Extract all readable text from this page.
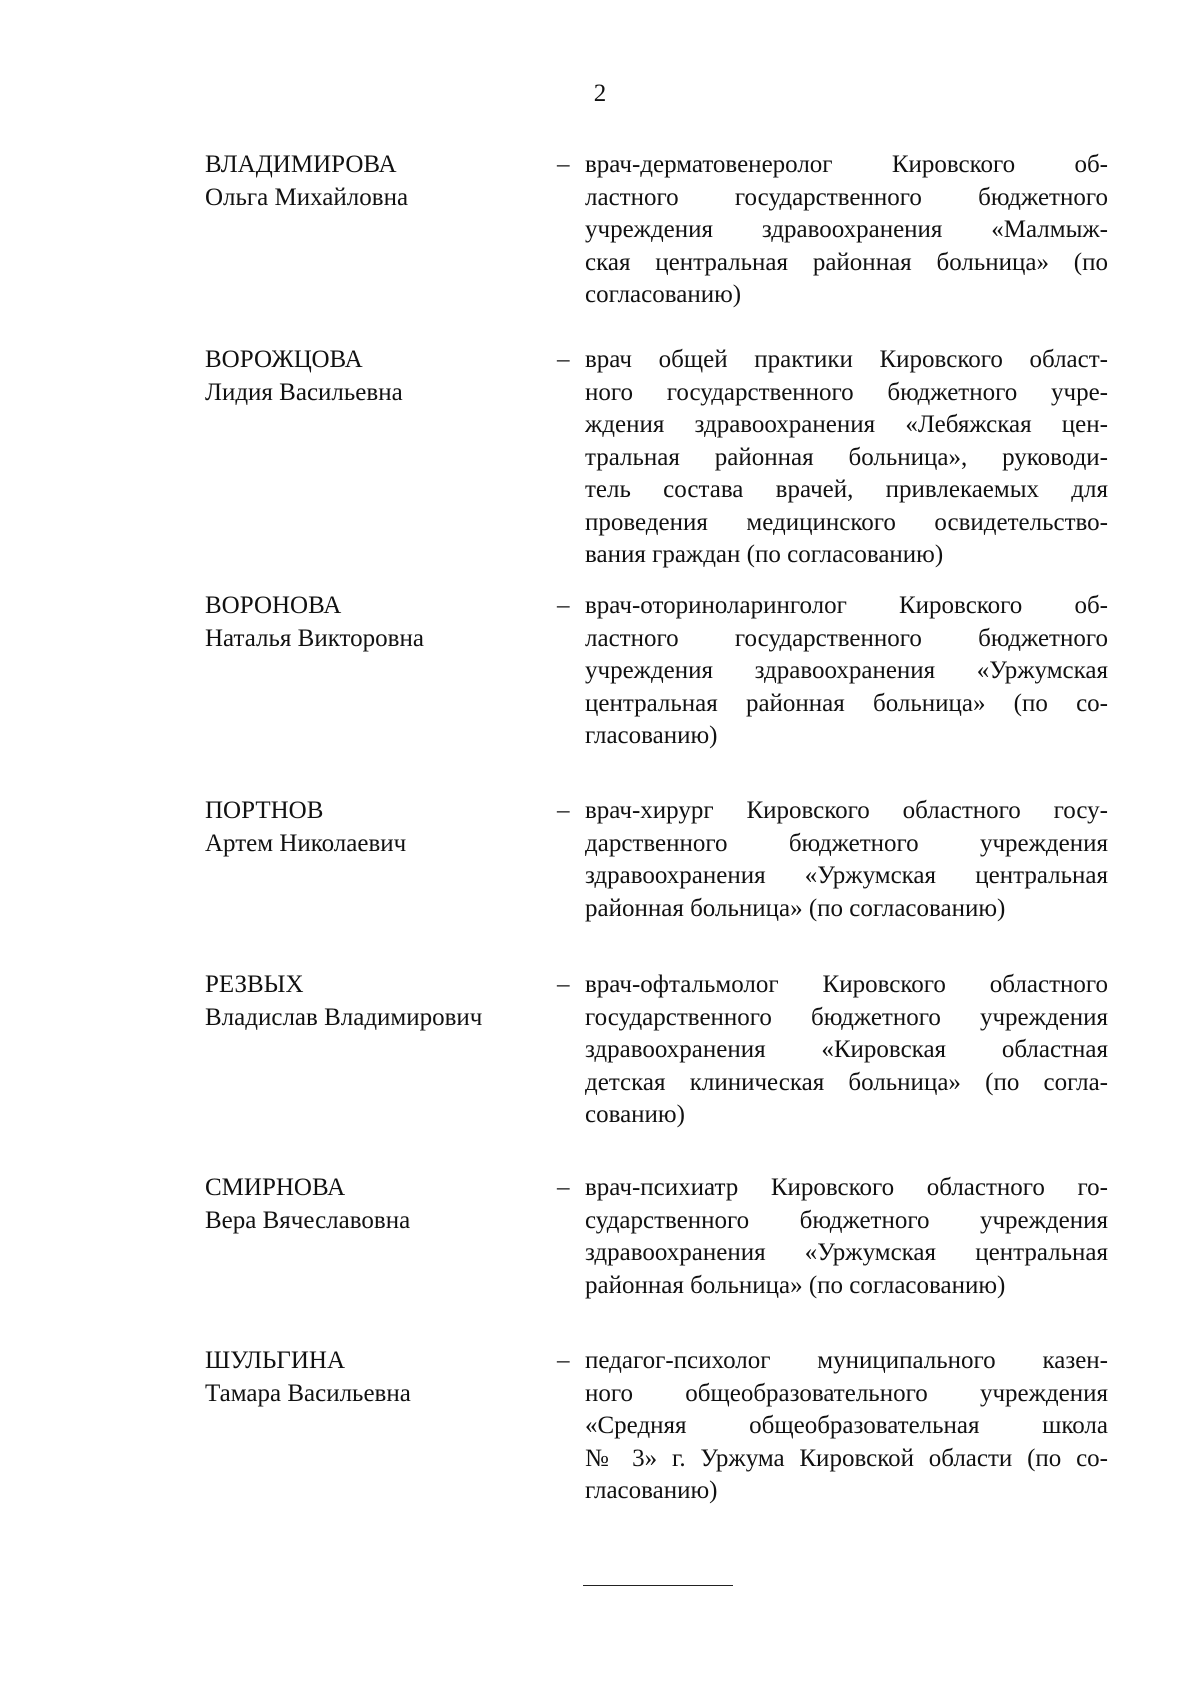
2
ВЛАДИМИРОВА
Ольга Михайловна
– врач-дерматовенеролог Кировского об-
ластного государственного бюджетного
учреждения здравоохранения «Малмыж-
ская центральная районная больница» (по
согласованию)
ВОРОЖЦОВА
Лидия Васильевна
– врач общей практики Кировского област-
ного государственного бюджетного учре-
ждения здравоохранения «Лебяжская цен-
тральная районная больница», руководи-
тель состава врачей, привлекаемых для
проведения медицинского освидетельство-
вания граждан (по согласованию)
ВОРОНОВА
Наталья Викторовна
– врач-оториноларинголог Кировского об-
ластного государственного бюджетного
учреждения здравоохранения «Уржумская
центральная районная больница» (по со-
гласованию)
ПОРТНОВ
Артем Николаевич
– врач-хирург Кировского областного госу-
дарственного бюджетного учреждения
здравоохранения «Уржумская центральная
районная больница» (по согласованию)
РЕЗВЫХ
Владислав Владимирович
– врач-офтальмолог Кировского областного
государственного бюджетного учреждения
здравоохранения «Кировская областная
детская клиническая больница» (по согла-
сованию)
СМИРНОВА
Вера Вячеславовна
– врач-психиатр Кировского областного го-
сударственного бюджетного учреждения
здравоохранения «Уржумская центральная
районная больница» (по согласованию)
ШУЛЬГИНА
Тамара Васильевна
– педагог-психолог муниципального казен-
ного общеобразовательного учреждения
«Средняя общеобразовательная школа
№ 3» г. Уржума Кировской области (по со-
гласованию)
